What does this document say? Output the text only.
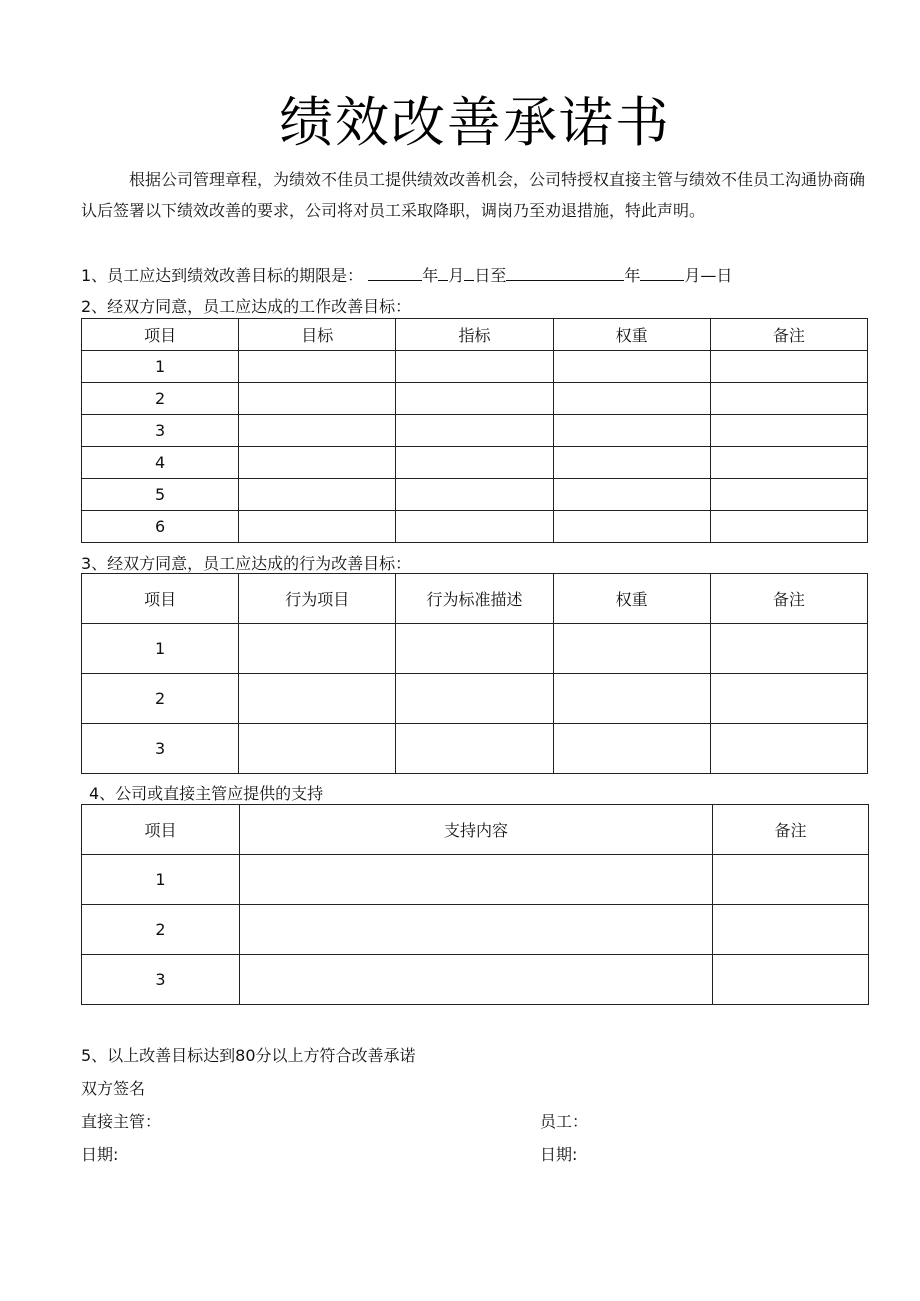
绩效改善承诺书
根据公司管理章程，为绩效不佳员工提供绩效改善机会，公司特授权直接主管与绩效不佳员工沟通协商确认后签署以下绩效改善的要求，公司将对员工采取降职，调岗乃至劝退措施，特此声明。
1、员工应达到绩效改善目标的期限是：	年 月 日至	年	月—日
2、经双方同意，员工应达成的工作改善目标：
项目	目标	指标	权重	备注
1				
2				
3				
4				
5				
6				
3、经双方同意，员工应达成的行为改善目标：
项目	行为项目	行为标准描述	权重	备注
1				
2				
3				
4、公司或直接主管应提供的支持
项目	支持内容	备注
1		
2		
3		
5、以上改善目标达到80分以上方符合改善承诺
双方签名
直接主管：	员工：
日期:	日期:
